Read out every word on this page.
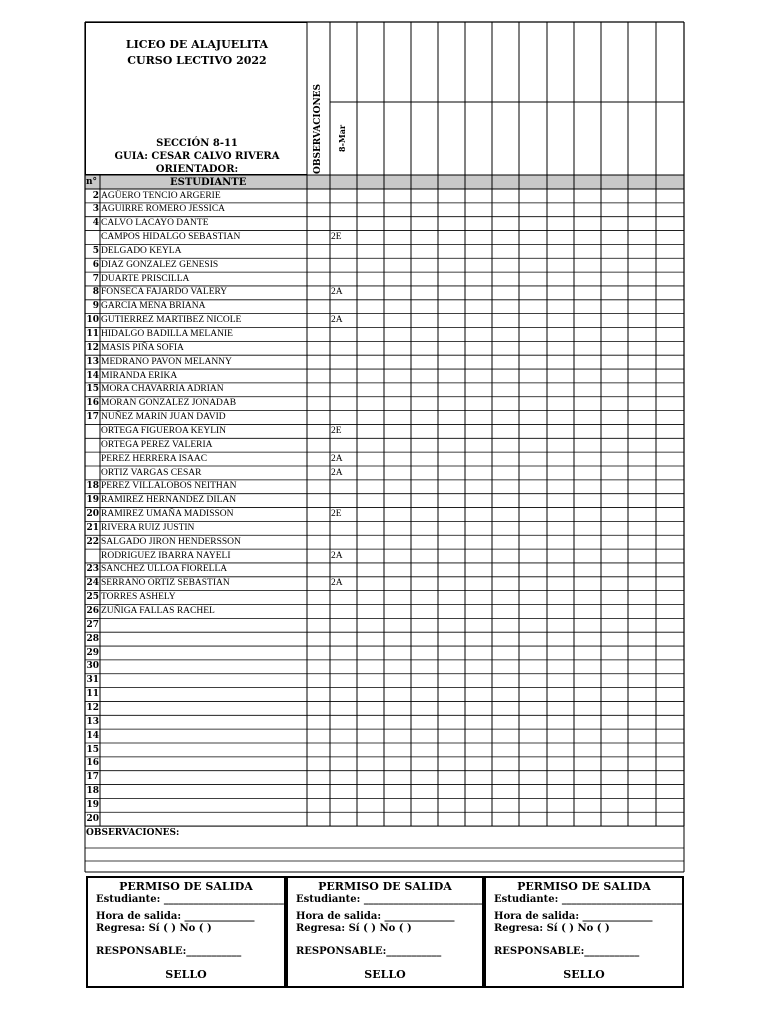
LICEO DE ALAJUELITA
CURSO LECTIVO 2022
SECCIÓN 8-11
GUIA: CESAR CALVO RIVERA
ORIENTADOR:	OBSERVACIONES 8-Mar
n°	ESTUDIANTE
2 AGÜERO TENCIO ARGERIE
3 AGUIRRE ROMERO JESSICA
4 CALVO LACAYO DANTE
CAMPOS HIDALGO SEBASTIAN	2E
5 DELGADO KEYLA
6 DIAZ GONZALEZ GENESIS
7 DUARTE PRISCILLA
8 FONSECA FAJARDO VALERY	2A
9 GARCIA MENA BRIANA
10 GUTIERREZ MARTIBEZ NICOLE	2A
11 HIDALGO BADILLA MELANIE
12 MASIS PIÑA SOFIA
13 MEDRANO PAVON MELANNY
14 MIRANDA ERIKA
15 MORA CHAVARRIA ADRIAN
16 MORAN GONZALEZ JONADAB
17 NUÑEZ MARIN JUAN DAVID
ORTEGA FIGUEROA KEYLIN	2E
ORTEGA PEREZ VALERIA
PEREZ HERRERA ISAAC	2A
ORTIZ VARGAS CESAR	2A
18 PEREZ VILLALOBOS NEITHAN
19 RAMIREZ HERNANDEZ DILAN
20 RAMIREZ UMAÑA MADISSON	2E
21 RIVERA RUIZ JUSTIN
22 SALGADO JIRON HENDERSSON
RODRIGUEZ IBARRA NAYELI	2A
23 SANCHEZ ULLOA FIORELLA
24 SERRANO ORTIZ SEBASTIAN	2A
25 TORRES ASHELY
26 ZUÑIGA FALLAS RACHEL
27
28
29
30
31
11
12
13
14
15
16
17
18
19
20
OBSERVACIONES:
PERMISO DE SALIDA
Estudiante: ________________________
Hora de salida: ______________
Regresa: Sí ( ) No ( )
RESPONSABLE:___________
SELLO
PERMISO DE SALIDA
Estudiante: ________________________
Hora de salida: ______________
Regresa: Sí ( ) No ( )
RESPONSABLE:___________
SELLO
PERMISO DE SALIDA
Estudiante: ________________________
Hora de salida: ______________
Regresa: Sí ( ) No ( )
RESPONSABLE:___________
SELLO
